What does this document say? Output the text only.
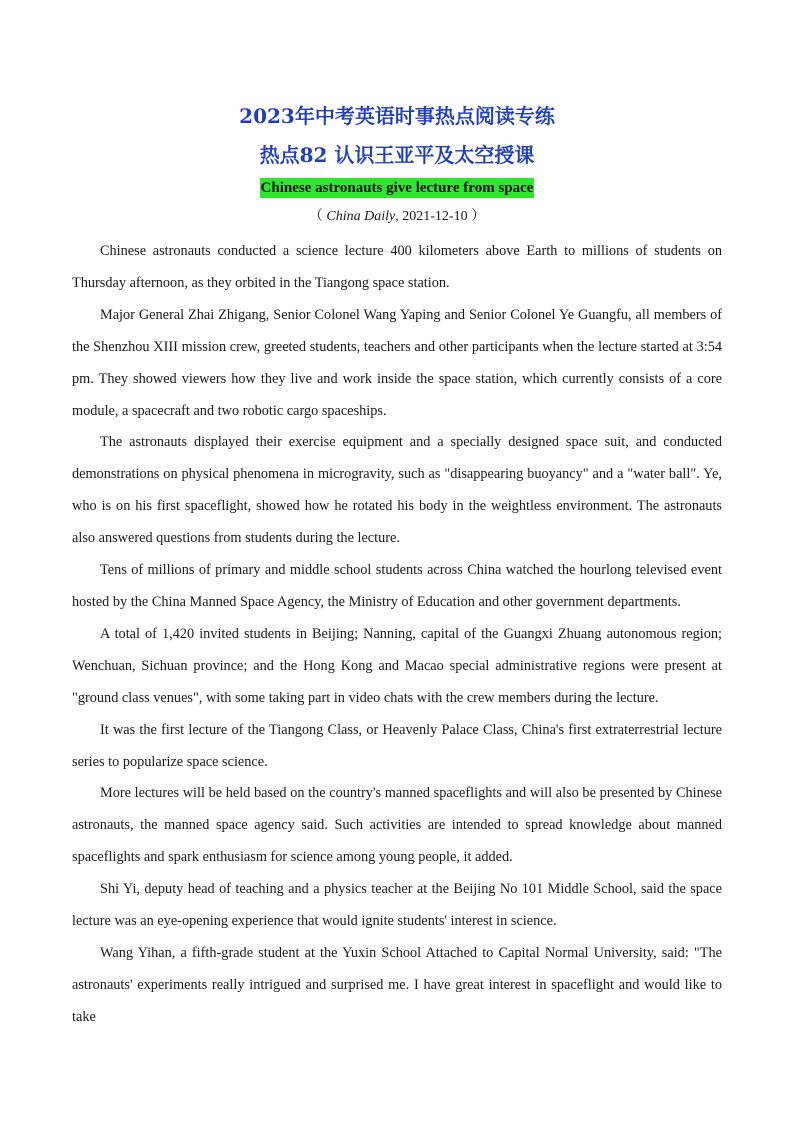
2023年中考英语时事热点阅读专练
热点82 认识王亚平及太空授课
Chinese astronauts give lecture from space
（ China Daily, 2021-12-10 ）

Chinese astronauts conducted a science lecture 400 kilometers above Earth to millions of students on Thursday afternoon, as they orbited in the Tiangong space station.

Major General Zhai Zhigang, Senior Colonel Wang Yaping and Senior Colonel Ye Guangfu, all members of the Shenzhou XIII mission crew, greeted students, teachers and other participants when the lecture started at 3:54 pm. They showed viewers how they live and work inside the space station, which currently consists of a core module, a spacecraft and two robotic cargo spaceships.

The astronauts displayed their exercise equipment and a specially designed space suit, and conducted demonstrations on physical phenomena in microgravity, such as "disappearing buoyancy" and a "water ball". Ye, who is on his first spaceflight, showed how he rotated his body in the weightless environment. The astronauts also answered questions from students during the lecture.

Tens of millions of primary and middle school students across China watched the hourlong televised event hosted by the China Manned Space Agency, the Ministry of Education and other government departments.

A total of 1,420 invited students in Beijing; Nanning, capital of the Guangxi Zhuang autonomous region; Wenchuan, Sichuan province; and the Hong Kong and Macao special administrative regions were present at "ground class venues", with some taking part in video chats with the crew members during the lecture.

It was the first lecture of the Tiangong Class, or Heavenly Palace Class, China's first extraterrestrial lecture series to popularize space science.

More lectures will be held based on the country's manned spaceflights and will also be presented by Chinese astronauts, the manned space agency said. Such activities are intended to spread knowledge about manned spaceflights and spark enthusiasm for science among young people, it added.

Shi Yi, deputy head of teaching and a physics teacher at the Beijing No 101 Middle School, said the space lecture was an eye-opening experience that would ignite students' interest in science.

Wang Yihan, a fifth-grade student at the Yuxin School Attached to Capital Normal University, said: "The astronauts' experiments really intrigued and surprised me. I have great interest in spaceflight and would like to take
